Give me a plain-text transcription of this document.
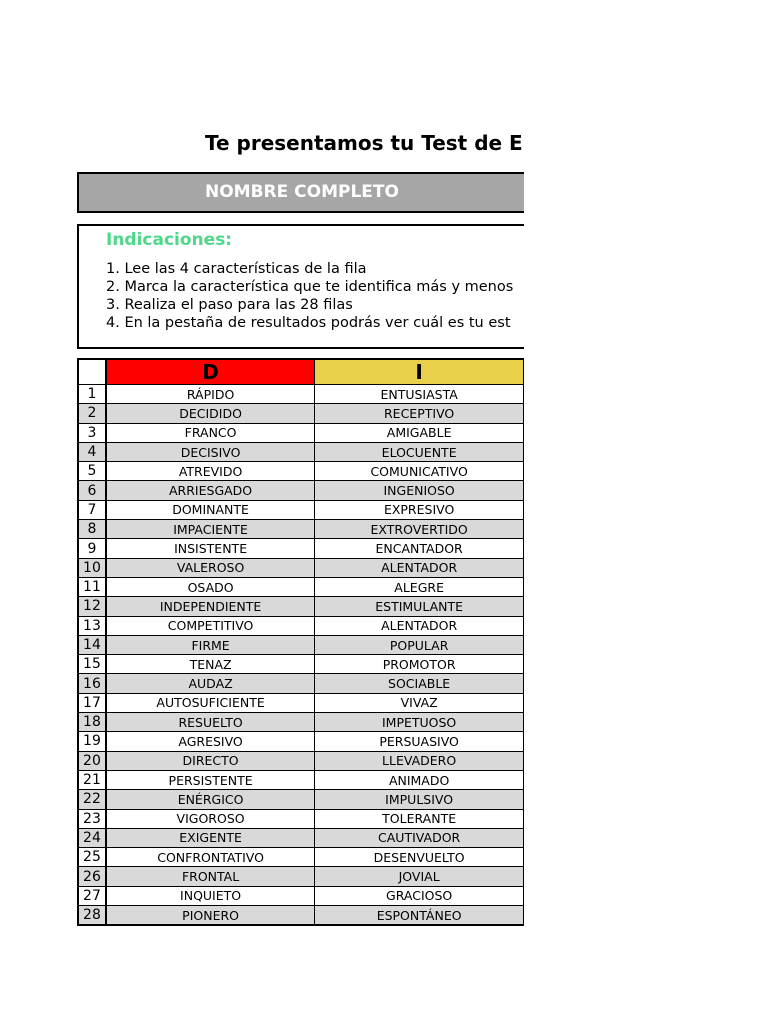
Te presentamos tu Test de E
NOMBRE COMPLETO
Indicaciones:
1. Lee las 4 características de la fila
2. Marca la característica que te identifica más y menos
3. Realiza el paso para las 28 filas
4. En la pestaña de resultados podrás ver cuál es tu est
	D	I
1	RÁPIDO	ENTUSIASTA
2	DECIDIDO	RECEPTIVO
3	FRANCO	AMIGABLE
4	DECISIVO	ELOCUENTE
5	ATREVIDO	COMUNICATIVO
6	ARRIESGADO	INGENIOSO
7	DOMINANTE	EXPRESIVO
8	IMPACIENTE	EXTROVERTIDO
9	INSISTENTE	ENCANTADOR
10	VALEROSO	ALENTADOR
11	OSADO	ALEGRE
12	INDEPENDIENTE	ESTIMULANTE
13	COMPETITIVO	ALENTADOR
14	FIRME	POPULAR
15	TENAZ	PROMOTOR
16	AUDAZ	SOCIABLE
17	AUTOSUFICIENTE	VIVAZ
18	RESUELTO	IMPETUOSO
19	AGRESIVO	PERSUASIVO
20	DIRECTO	LLEVADERO
21	PERSISTENTE	ANIMADO
22	ENÉRGICO	IMPULSIVO
23	VIGOROSO	TOLERANTE
24	EXIGENTE	CAUTIVADOR
25	CONFRONTATIVO	DESENVUELTO
26	FRONTAL	JOVIAL
27	INQUIETO	GRACIOSO
28	PIONERO	ESPONTÁNEO
